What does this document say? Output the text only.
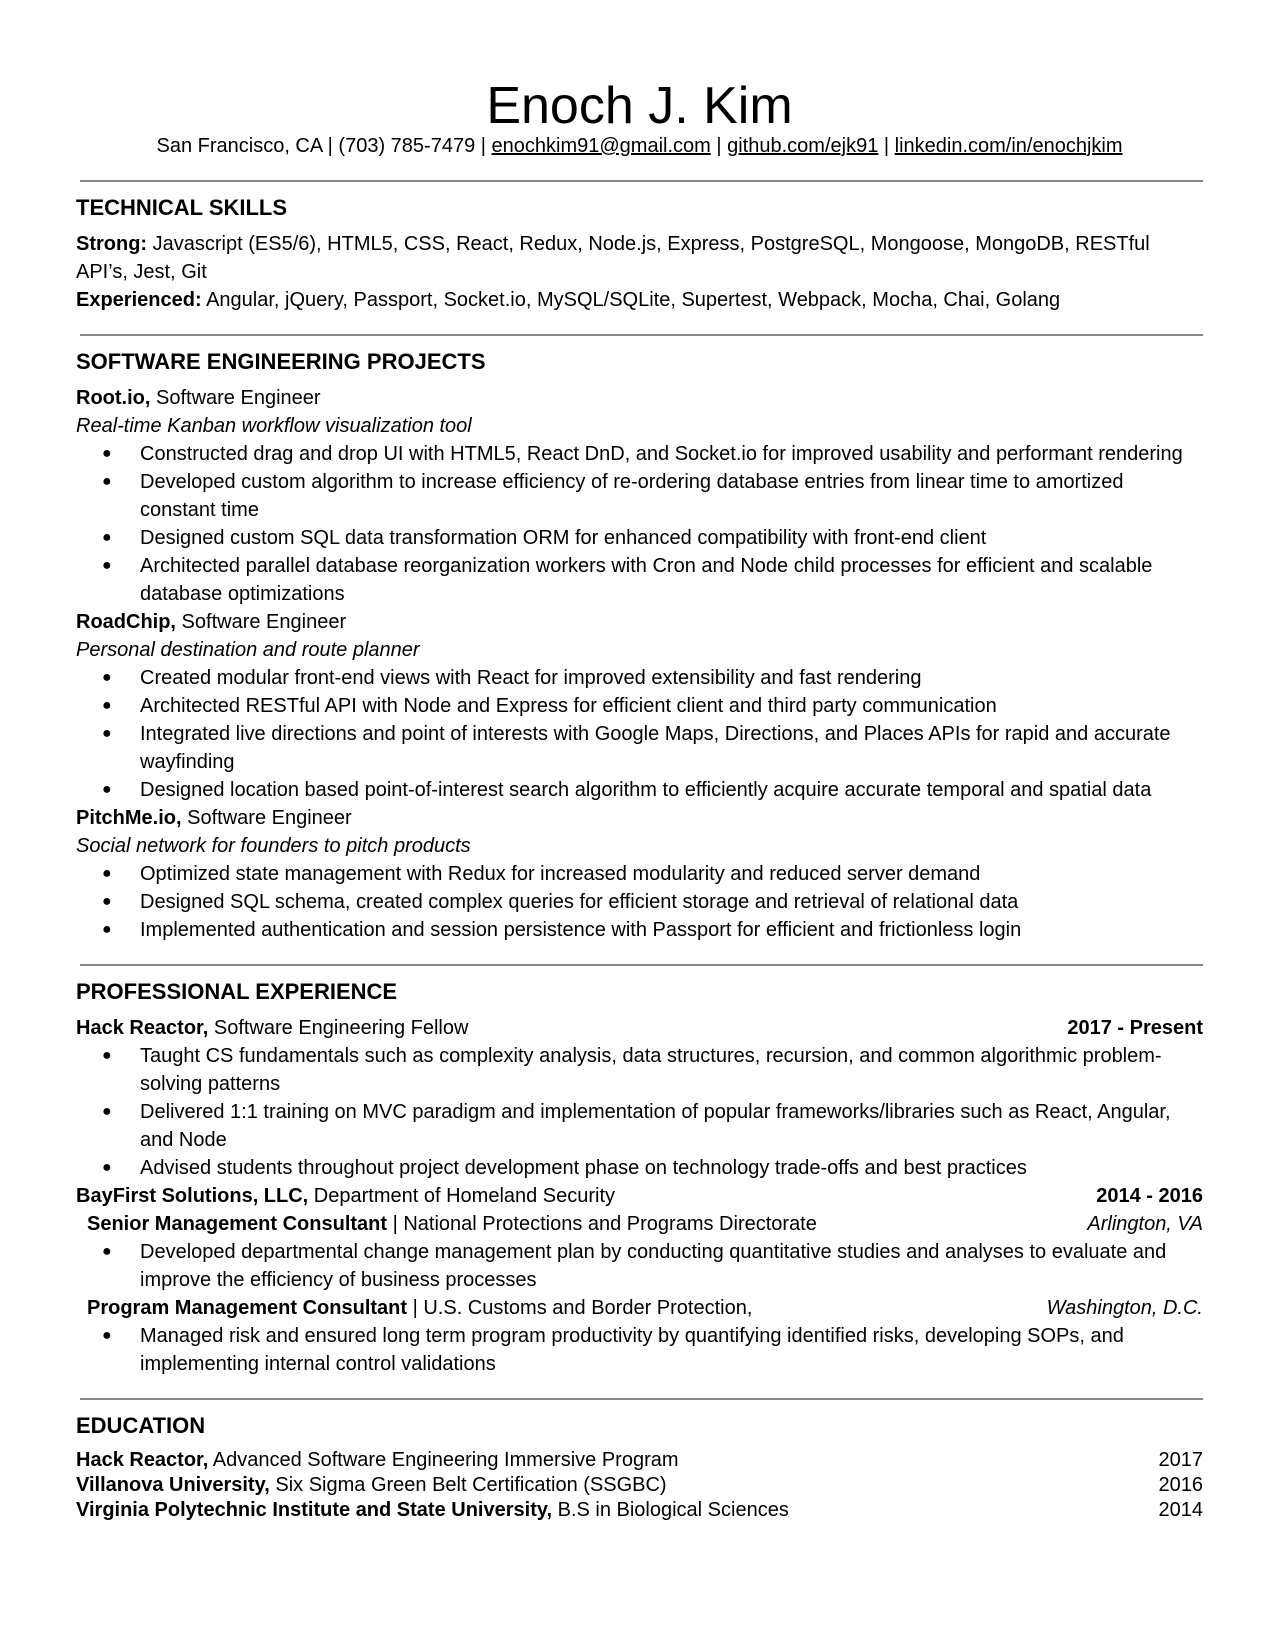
Enoch J. Kim
San Francisco, CA | (703) 785-7479 | enochkim91@gmail.com | github.com/ejk91 | linkedin.com/in/enochjkim
TECHNICAL SKILLS
Strong: Javascript (ES5/6), HTML5, CSS, React, Redux, Node.js, Express, PostgreSQL, Mongoose, MongoDB, RESTful API’s, Jest, Git
Experienced: Angular, jQuery, Passport, Socket.io, MySQL/SQLite, Supertest, Webpack, Mocha, Chai, Golang
SOFTWARE ENGINEERING PROJECTS
Root.io, Software Engineer
Real-time Kanban workflow visualization tool
● Constructed drag and drop UI with HTML5, React DnD, and Socket.io for improved usability and performant rendering
● Developed custom algorithm to increase efficiency of re-ordering database entries from linear time to amortized constant time
● Designed custom SQL data transformation ORM for enhanced compatibility with front-end client
● Architected parallel database reorganization workers with Cron and Node child processes for efficient and scalable database optimizations
RoadChip, Software Engineer
Personal destination and route planner
● Created modular front-end views with React for improved extensibility and fast rendering
● Architected RESTful API with Node and Express for efficient client and third party communication
● Integrated live directions and point of interests with Google Maps, Directions, and Places APIs for rapid and accurate wayfinding
● Designed location based point-of-interest search algorithm to efficiently acquire accurate temporal and spatial data
PitchMe.io, Software Engineer
Social network for founders to pitch products
● Optimized state management with Redux for increased modularity and reduced server demand
● Designed SQL schema, created complex queries for efficient storage and retrieval of relational data
● Implemented authentication and session persistence with Passport for efficient and frictionless login
PROFESSIONAL EXPERIENCE
Hack Reactor, Software Engineering Fellow	2017 - Present
● Taught CS fundamentals such as complexity analysis, data structures, recursion, and common algorithmic problem-solving patterns
● Delivered 1:1 training on MVC paradigm and implementation of popular frameworks/libraries such as React, Angular, and Node
● Advised students throughout project development phase on technology trade-offs and best practices
BayFirst Solutions, LLC, Department of Homeland Security	2014 - 2016
Senior Management Consultant | National Protections and Programs Directorate	Arlington, VA
● Developed departmental change management plan by conducting quantitative studies and analyses to evaluate and improve the efficiency of business processes
Program Management Consultant | U.S. Customs and Border Protection,	Washington, D.C.
● Managed risk and ensured long term program productivity by quantifying identified risks, developing SOPs, and implementing internal control validations
EDUCATION
Hack Reactor, Advanced Software Engineering Immersive Program	2017
Villanova University, Six Sigma Green Belt Certification (SSGBC)	2016
Virginia Polytechnic Institute and State University, B.S in Biological Sciences	2014
